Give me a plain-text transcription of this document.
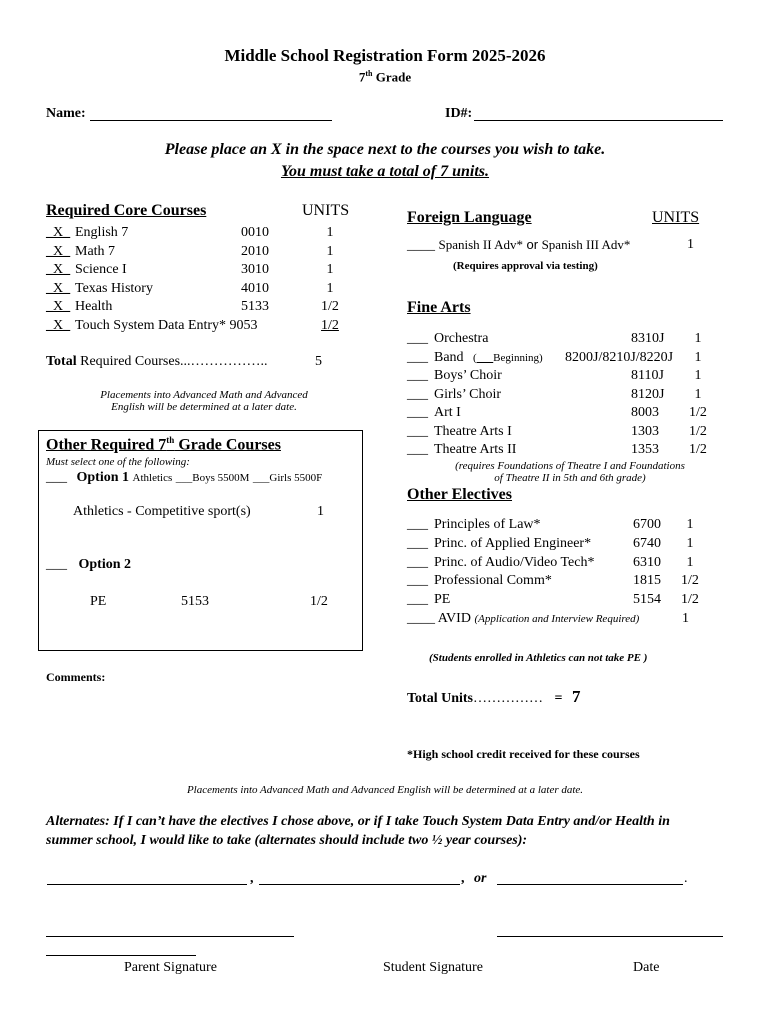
Middle School Registration Form 2025-2026
7th Grade
Name:	ID#:
Please place an X in the space next to the courses you wish to take.
You must take a total of 7 units.
Required Core Courses	UNITS
_X_ English 7	0010	1
_X_ Math 7	2010	1
_X_ Science I	3010	1
_X_ Texas History	4010	1
_X_ Health	5133	1/2
_X_ Touch System Data Entry* 9053	1/2
Total Required Courses...……………..	5
Placements into Advanced Math and Advanced
English will be determined at a later date.
Other Required 7th Grade Courses
Must select one of the following:
___ Option 1 Athletics ___Boys 5500M ___Girls 5500F
Athletics - Competitive sport(s)	1
___ Option 2
PE	5153	1/2
Comments:
Foreign Language	UNITS
____ Spanish II Adv* or Spanish III Adv*	1
(Requires approval via testing)
Fine Arts
___ Orchestra	8310J	1
___ Band (___Beginning) 8200J/8210J/8220J	1
___ Boys’ Choir	8110J	1
___ Girls’ Choir	8120J	1
___ Art I	8003 1/2
___ Theatre Arts I	1303 1/2
___ Theatre Arts II	1353 1/2
(requires Foundations of Theatre I and Foundations
of Theatre II in 5th and 6th grade)
Other Electives
___ Principles of Law*	6700	1
___ Princ. of Applied Engineer*	6740	1
___ Princ. of Audio/Video Tech*	6310	1
___ Professional Comm*	1815 1/2
___ PE	5154 1/2
____ AVID (Application and Interview Required)	1
(Students enrolled in Athletics can not take PE )
Total Units…………… = 7
*High school credit received for these courses
Placements into Advanced Math and Advanced English will be determined at a later date.
Alternates: If I can’t have the electives I chose above, or if I take Touch System Data Entry and/or Health in
summer school, I would like to take (alternates should include two ½ year courses):
,	, or	.
Parent Signature	Student Signature	Date
